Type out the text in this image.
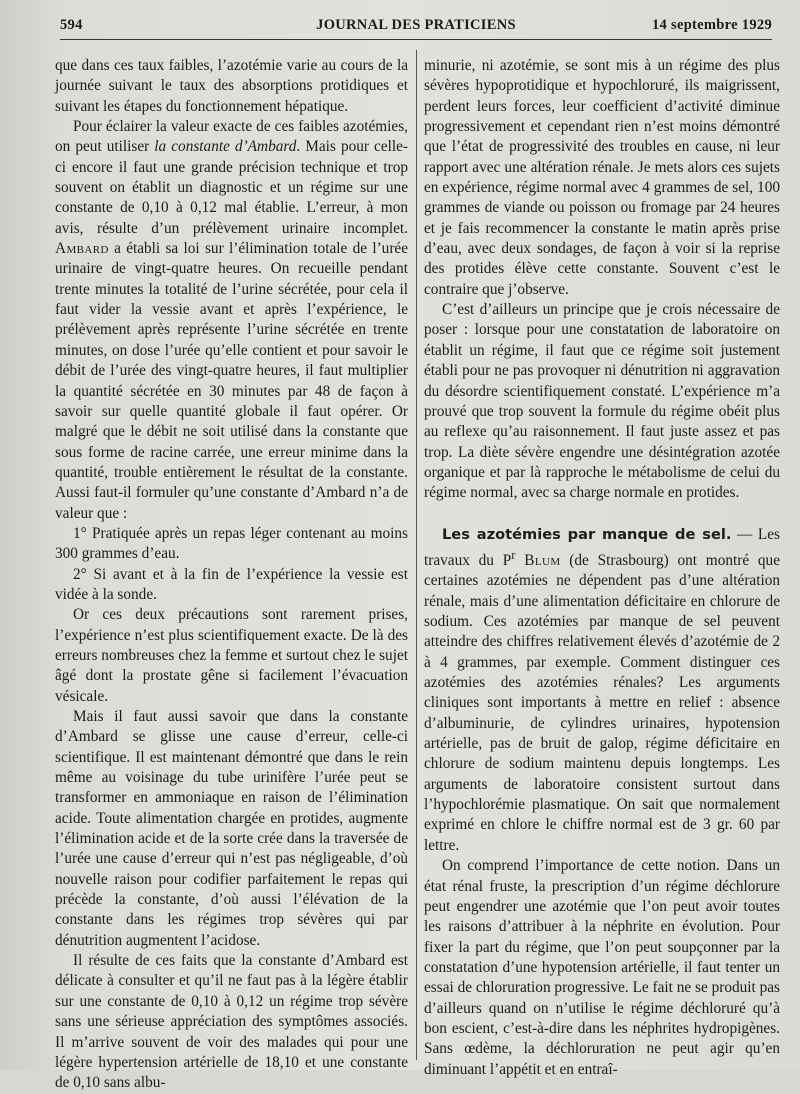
594	JOURNAL DES PRATICIENS	14 septembre 1929

que dans ces taux faibles, l’azotémie varie au cours de la journée suivant le taux des absorptions protidiques et suivant les étapes du fonctionnement hépatique.

Pour éclairer la valeur exacte de ces faibles azotémies, on peut utiliser la constante d’Ambard. Mais pour celle-ci encore il faut une grande précision technique et trop souvent on établit un diagnostic et un régime sur une constante de 0,10 à 0,12 mal établie. L’erreur, à mon avis, résulte d’un prélèvement urinaire incomplet. Ambard a établi sa loi sur l’élimination totale de l’urée urinaire de vingt-quatre heures. On recueille pendant trente minutes la totalité de l’urine sécrétée, pour cela il faut vider la vessie avant et après l’expérience, le prélèvement après représente l’urine sécrétée en trente minutes, on dose l’urée qu’elle contient et pour savoir le débit de l’urée des vingt-quatre heures, il faut multiplier la quantité sécrétée en 30 minutes par 48 de façon à savoir sur quelle quantité globale il faut opérer. Or malgré que le débit ne soit utilisé dans la constante que sous forme de racine carrée, une erreur minime dans la quantité, trouble entièrement le résultat de la constante. Aussi faut-il formuler qu’une constante d’Ambard n’a de valeur que :

1° Pratiquée après un repas léger contenant au moins 300 grammes d’eau.

2° Si avant et à la fin de l’expérience la vessie est vidée à la sonde.

Or ces deux précautions sont rarement prises, l’expérience n’est plus scientifiquement exacte. De là des erreurs nombreuses chez la femme et surtout chez le sujet âgé dont la prostate gêne si facilement l’évacuation vésicale.

Mais il faut aussi savoir que dans la constante d’Ambard se glisse une cause d’erreur, celle-ci scientifique. Il est maintenant démontré que dans le rein même au voisinage du tube urinifère l’urée peut se transformer en ammoniaque en raison de l’élimination acide. Toute alimentation chargée en protides, augmente l’élimination acide et de la sorte crée dans la traversée de l’urée une cause d’erreur qui n’est pas négligeable, d’où nouvelle raison pour codifier parfaitement le repas qui précède la constante, d’où aussi l’élévation de la constante dans les régimes trop sévères qui par dénutrition augmentent l’acidose.

Il résulte de ces faits que la constante d’Ambard est délicate à consulter et qu’il ne faut pas à la légère établir sur une constante de 0,10 à 0,12 un régime trop sévère sans une sérieuse appréciation des symptômes associés. Il m’arrive souvent de voir des malades qui pour une légère hypertension artérielle de 18,10 et une constante de 0,10 sans albu-

minurie, ni azotémie, se sont mis à un régime des plus sévères hypoprotidique et hypochloruré, ils maigrissent, perdent leurs forces, leur coefficient d’activité diminue progressivement et cependant rien n’est moins démontré que l’état de progressivité des troubles en cause, ni leur rapport avec une altération rénale. Je mets alors ces sujets en expérience, régime normal avec 4 grammes de sel, 100 grammes de viande ou poisson ou fromage par 24 heures et je fais recommencer la constante le matin après prise d’eau, avec deux sondages, de façon à voir si la reprise des protides élève cette constante. Souvent c’est le contraire que j’observe.

C’est d’ailleurs un principe que je crois nécessaire de poser : lorsque pour une constatation de laboratoire on établit un régime, il faut que ce régime soit justement établi pour ne pas provoquer ni dénutrition ni aggravation du désordre scientifiquement constaté. L’expérience m’a prouvé que trop souvent la formule du régime obéit plus au reflexe qu’au raisonnement. Il faut juste assez et pas trop. La diète sévère engendre une désintégration azotée organique et par là rapproche le métabolisme de celui du régime normal, avec sa charge normale en protides.

Les azotémies par manque de sel. — Les travaux du $P^r$ Blum (de Strasbourg) ont montré que certaines azotémies ne dépendent pas d’une altération rénale, mais d’une alimentation déficitaire en chlorure de sodium. Ces azotémies par manque de sel peuvent atteindre des chiffres relativement élevés d’azotémie de 2 à 4 grammes, par exemple. Comment distinguer ces azotémies des azotémies rénales? Les arguments cliniques sont importants à mettre en relief : absence d’albuminurie, de cylindres urinaires, hypotension artérielle, pas de bruit de galop, régime déficitaire en chlorure de sodium maintenu depuis longtemps. Les arguments de laboratoire consistent surtout dans l’hypochlorémie plasmatique. On sait que normalement exprimé en chlore le chiffre normal est de 3 gr. 60 par lettre.

On comprend l’importance de cette notion. Dans un état rénal fruste, la prescription d’un régime déchlorure peut engendrer une azotémie que l’on peut avoir toutes les raisons d’attribuer à la néphrite en évolution. Pour fixer la part du régime, que l’on peut soupçonner par la constatation d’une hypotension artérielle, il faut tenter un essai de chloruration progressive. Le fait ne se produit pas d’ailleurs quand on n’utilise le régime déchloruré qu’à bon escient, c’est-à-dire dans les néphrites hydropigènes. Sans œdème, la déchloruration ne peut agir qu’en diminuant l’appétit et en entraî-
